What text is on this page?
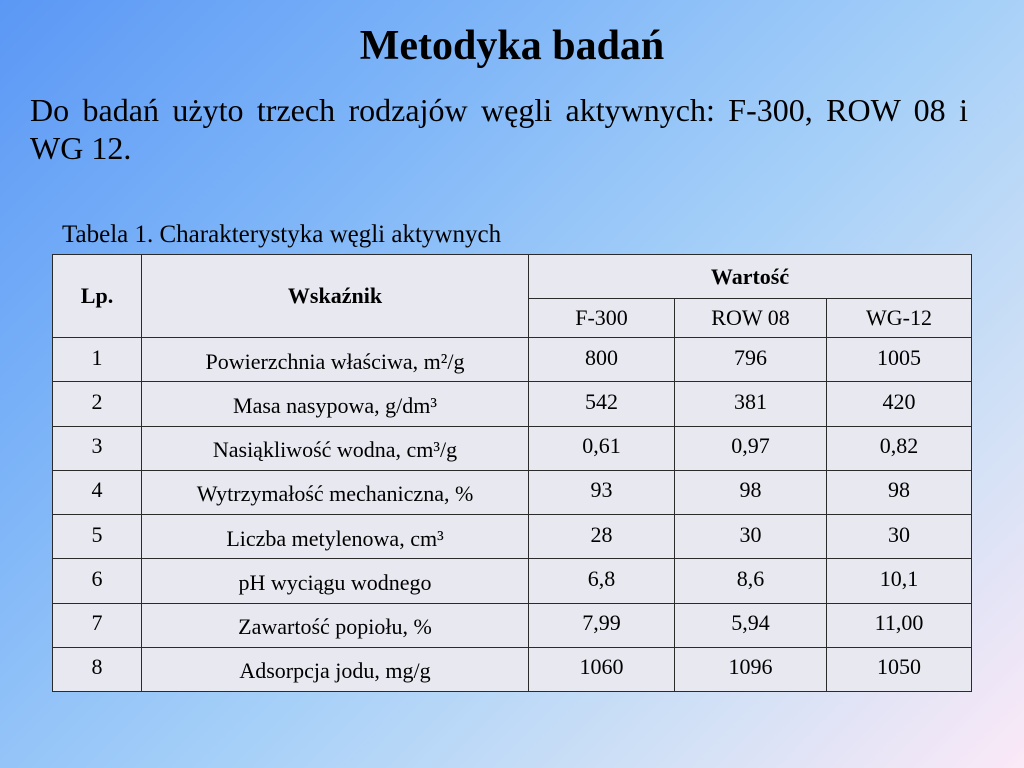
Metodyka badań

Do badań użyto trzech rodzajów węgli aktywnych: F-300, ROW 08 i WG 12.

Tabela 1. Charakterystyka węgli aktywnych
Lp.	Wskaźnik	Wartość		
		F-300	ROW 08	WG-12
1	Powierzchnia właściwa, m²/g	800	796	1005
2	Masa nasypowa, g/dm³	542	381	420
3	Nasiąkliwość wodna, cm³/g	0,61	0,97	0,82
4	Wytrzymałość mechaniczna, %	93	98	98
5	Liczba metylenowa, cm³	28	30	30
6	pH wyciągu wodnego	6,8	8,6	10,1
7	Zawartość popiołu, %	7,99	5,94	11,00
8	Adsorpcja jodu, mg/g	1060	1096	1050
